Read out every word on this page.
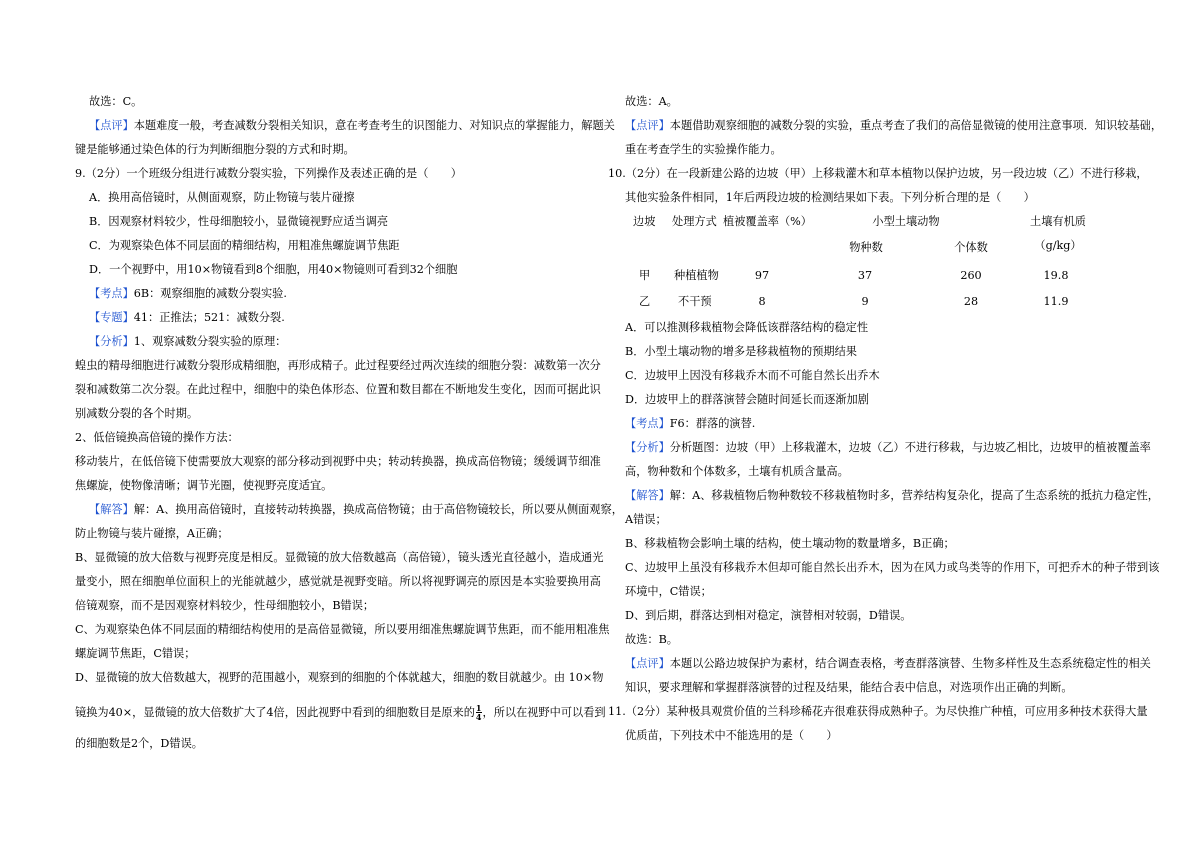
故选：C。
【点评】本题难度一般，考查减数分裂相关知识，意在考查考生的识图能力、对知识点的掌握能力，解题关
键是能够通过染色体的行为判断细胞分裂的方式和时期。
9.（2分）一个班级分组进行减数分裂实验，下列操作及表述正确的是（　　）
A．换用高倍镜时，从侧面观察，防止物镜与装片碰擦
B．因观察材料较少，性母细胞较小，显微镜视野应适当调亮
C．为观察染色体不同层面的精细结构，用粗准焦螺旋调节焦距
D．一个视野中，用10×物镜看到8个细胞，用40×物镜则可看到32个细胞
【考点】6B：观察细胞的减数分裂实验.
【专题】41：正推法；521：减数分裂.
【分析】1、观察减数分裂实验的原理：
蝗虫的精母细胞进行减数分裂形成精细胞，再形成精子。此过程要经过两次连续的细胞分裂：减数第一次分
裂和减数第二次分裂。在此过程中，细胞中的染色体形态、位置和数目都在不断地发生变化，因而可据此识
别减数分裂的各个时期。
2、低倍镜换高倍镜的操作方法：
移动装片，在低倍镜下使需要放大观察的部分移动到视野中央；转动转换器，换成高倍物镜；缓缓调节细准
焦螺旋，使物像清晰；调节光圈，使视野亮度适宜。
【解答】解：A、换用高倍镜时，直接转动转换器，换成高倍物镜；由于高倍物镜较长，所以要从侧面观察，
防止物镜与装片碰擦，A正确；
B、显微镜的放大倍数与视野亮度是相反。显微镜的放大倍数越高（高倍镜），镜头透光直径越小，造成通光
量变小，照在细胞单位面积上的光能就越少，感觉就是视野变暗。所以将视野调亮的原因是本实验要换用高
倍镜观察，而不是因观察材料较少，性母细胞较小，B错误；
C、为观察染色体不同层面的精细结构使用的是高倍显微镜，所以要用细准焦螺旋调节焦距，而不能用粗准焦
螺旋调节焦距，C错误；
D、显微镜的放大倍数越大，视野的范围越小，观察到的细胞的个体就越大，细胞的数目就越少。由 10×物
镜换为40×，显微镜的放大倍数扩大了4倍，因此视野中看到的细胞数目是原来的 $\frac{1}{4}$ ，所以在视野中可以看到
的细胞数是2个，D错误。
故选：A。
【点评】本题借助观察细胞的减数分裂的实验，重点考查了我们的高倍显微镜的使用注意事项．知识较基础，
重在考查学生的实验操作能力。
10.（2分）在一段新建公路的边坡（甲）上移栽灌木和草本植物以保护边坡，另一段边坡（乙）不进行移栽，
其他实验条件相同，1年后两段边坡的检测结果如下表。下列分析合理的是（　　）
边坡 处理方式 植被覆盖率（%）	小型土壤动物	土壤有机质
物种数	个体数	（g/kg）
甲 种植植物	97	37	260	19.8
乙 不干预	8	9	28	11.9
A．可以推测移栽植物会降低该群落结构的稳定性
B．小型土壤动物的增多是移栽植物的预期结果
C．边坡甲上因没有移栽乔木而不可能自然长出乔木
D．边坡甲上的群落演替会随时间延长而逐渐加剧
【考点】F6：群落的演替.
【分析】分析题图：边坡（甲）上移栽灌木，边坡（乙）不进行移栽，与边坡乙相比，边坡甲的植被覆盖率
高，物种数和个体数多，土壤有机质含量高。
【解答】解：A、移栽植物后物种数较不移栽植物时多，营养结构复杂化，提高了生态系统的抵抗力稳定性，
A错误；
B、移栽植物会影响土壤的结构，使土壤动物的数量增多，B正确；
C、边坡甲上虽没有移栽乔木但却可能自然长出乔木，因为在风力或鸟类等的作用下，可把乔木的种子带到该
环境中，C错误；
D、到后期，群落达到相对稳定，演替相对较弱，D错误。
故选：B。
【点评】本题以公路边坡保护为素材，结合调查表格，考查群落演替、生物多样性及生态系统稳定性的相关
知识，要求理解和掌握群落演替的过程及结果，能结合表中信息，对选项作出正确的判断。
11.（2分）某种极具观赏价值的兰科珍稀花卉很难获得成熟种子。为尽快推广种植，可应用多种技术获得大量
优质苗，下列技术中不能选用的是（　　）
